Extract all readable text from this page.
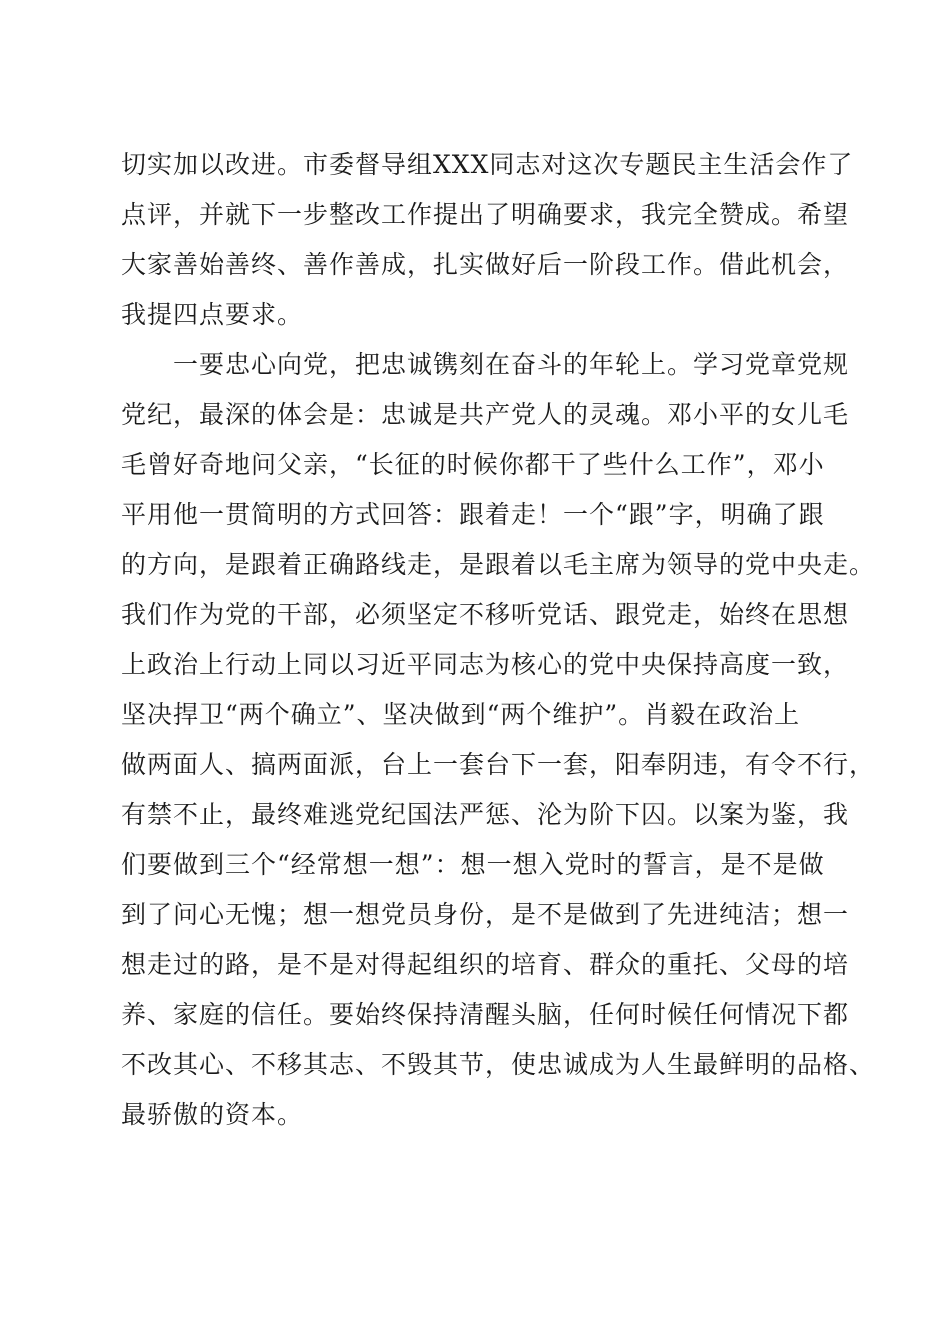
切实加以改进。市委督导组XXX同志对这次专题民主生活会作了
点评，并就下一步整改工作提出了明确要求，我完全赞成。希望
大家善始善终、善作善成，扎实做好后一阶段工作。借此机会，
我提四点要求。
　　一要忠心向党，把忠诚镌刻在奋斗的年轮上。学习党章党规
党纪，最深的体会是：忠诚是共产党人的灵魂。邓小平的女儿毛
毛曾好奇地问父亲，“长征的时候你都干了些什么工作”，邓小
平用他一贯简明的方式回答：跟着走！一个“跟”字，明确了跟
的方向，是跟着正确路线走，是跟着以毛主席为领导的党中央走。
我们作为党的干部，必须坚定不移听党话、跟党走，始终在思想
上政治上行动上同以习近平同志为核心的党中央保持高度一致，
坚决捍卫“两个确立”、坚决做到“两个维护”。肖毅在政治上
做两面人、搞两面派，台上一套台下一套，阳奉阴违，有令不行，
有禁不止，最终难逃党纪国法严惩、沦为阶下囚。以案为鉴，我
们要做到三个“经常想一想”：想一想入党时的誓言，是不是做
到了问心无愧；想一想党员身份，是不是做到了先进纯洁；想一
想走过的路，是不是对得起组织的培育、群众的重托、父母的培
养、家庭的信任。要始终保持清醒头脑，任何时候任何情况下都
不改其心、不移其志、不毁其节，使忠诚成为人生最鲜明的品格、
最骄傲的资本。
